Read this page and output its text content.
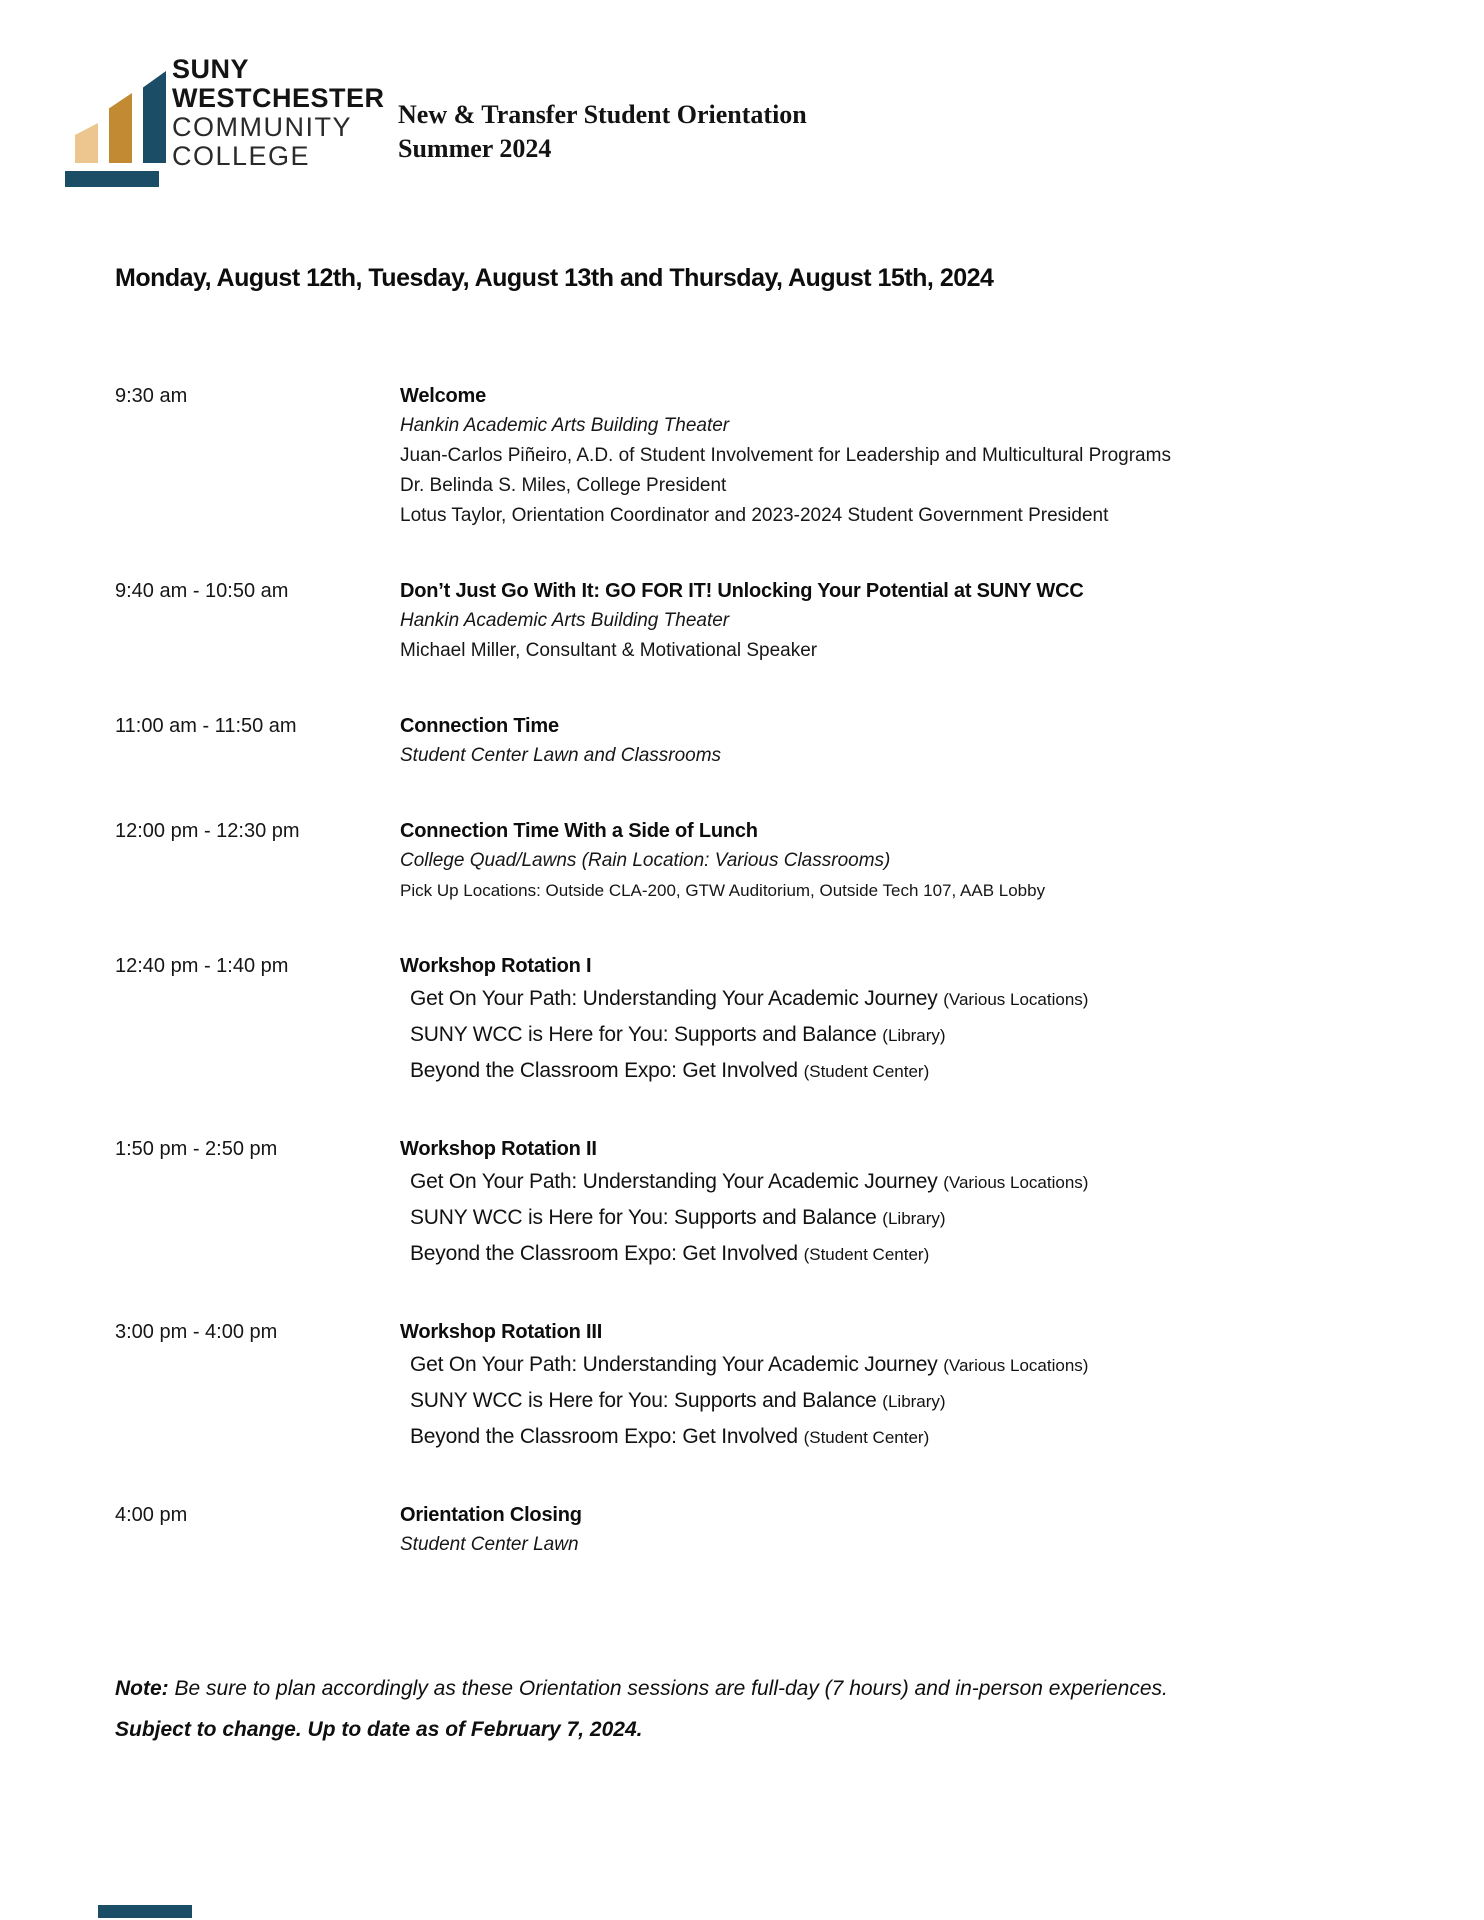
SUNY
WESTCHESTER
COMMUNITY
COLLEGE
New & Transfer Student Orientation
Summer 2024
Monday, August 12th, Tuesday, August 13th and Thursday, August 15th, 2024
9:30 am	Welcome
Hankin Academic Arts Building Theater
Juan-Carlos Piñeiro, A.D. of Student Involvement for Leadership and Multicultural Programs
Dr. Belinda S. Miles, College President
Lotus Taylor, Orientation Coordinator and 2023-2024 Student Government President
9:40 am - 10:50 am	Don’t Just Go With It: GO FOR IT! Unlocking Your Potential at SUNY WCC
Hankin Academic Arts Building Theater
Michael Miller, Consultant & Motivational Speaker
11:00 am - 11:50 am	Connection Time
Student Center Lawn and Classrooms
12:00 pm - 12:30 pm	Connection Time With a Side of Lunch
College Quad/Lawns (Rain Location: Various Classrooms)
Pick Up Locations: Outside CLA-200, GTW Auditorium, Outside Tech 107, AAB Lobby
12:40 pm - 1:40 pm	Workshop Rotation I
Get On Your Path: Understanding Your Academic Journey (Various Locations)
SUNY WCC is Here for You: Supports and Balance (Library)
Beyond the Classroom Expo: Get Involved (Student Center)
1:50 pm - 2:50 pm	Workshop Rotation II
Get On Your Path: Understanding Your Academic Journey (Various Locations)
SUNY WCC is Here for You: Supports and Balance (Library)
Beyond the Classroom Expo: Get Involved (Student Center)
3:00 pm - 4:00 pm	Workshop Rotation III
Get On Your Path: Understanding Your Academic Journey (Various Locations)
SUNY WCC is Here for You: Supports and Balance (Library)
Beyond the Classroom Expo: Get Involved (Student Center)
4:00 pm	Orientation Closing
Student Center Lawn
Note: Be sure to plan accordingly as these Orientation sessions are full-day (7 hours) and in-person experiences.
Subject to change. Up to date as of February 7, 2024.
